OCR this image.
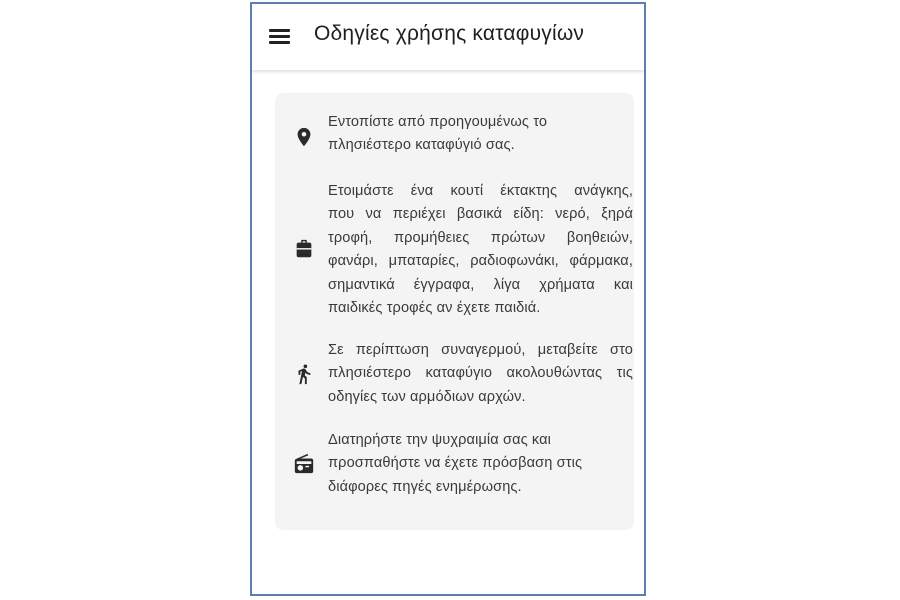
Οδηγίες χρήσης καταφυγίων
Εντοπίστε από προηγουμένως το
πλησιέστερο καταφύγιό σας.
Ετοιμάστε ένα κουτί έκτακτης ανάγκης,
που να περιέχει βασικά είδη: νερό, ξηρά
τροφή, προμήθειες πρώτων βοηθειών,
φανάρι, μπαταρίες, ραδιοφωνάκι, φάρμακα,
σημαντικά έγγραφα, λίγα χρήματα και
παιδικές τροφές αν έχετε παιδιά.
Σε περίπτωση συναγερμού, μεταβείτε στο
πλησιέστερο καταφύγιο ακολουθώντας τις
οδηγίες των αρμόδιων αρχών.
Διατηρήστε την ψυχραιμία σας και
προσπαθήστε να έχετε πρόσβαση στις
διάφορες πηγές ενημέρωσης.
